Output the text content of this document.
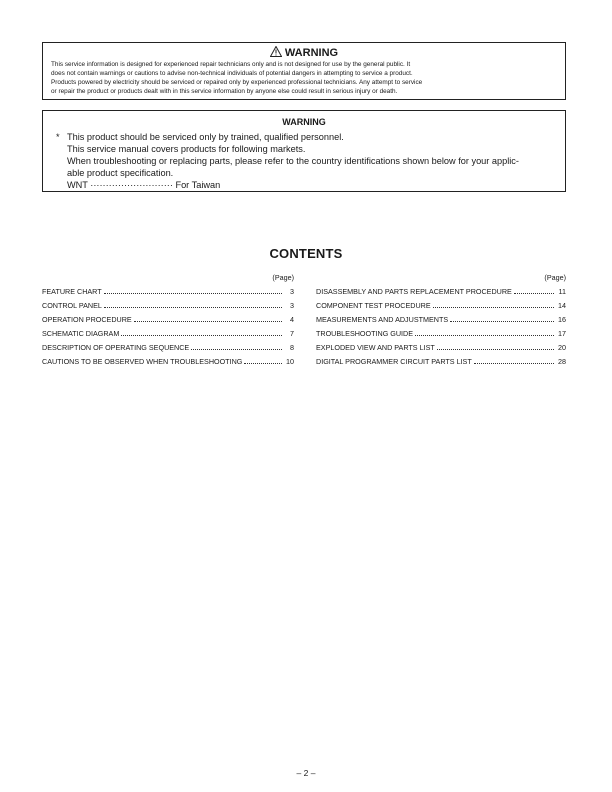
WARNING

This service information is designed for experienced repair technicians only and is not designed for use by the general public. It

does not contain warnings or cautions to advise non-technical individuals of potential dangers in attempting to service a product.

Products powered by electricity should be serviced or repaired only by experienced professional technicians. Any attempt to service

or repair the product or products dealt with in this service information by anyone else could result in serious injury or death.

WARNING
* This product should be serviced only by trained, qualified personnel.
This service manual covers products for following markets.
When troubleshooting or replacing parts, please refer to the country identifications shown below for your applic-
able product specification.
WNT ··························· For Taiwan
CONTENTS
(Page)
FEATURE CHART	3
CONTROL PANEL	3
OPERATION PROCEDURE	4
SCHEMATIC DIAGRAM	7
DESCRIPTION OF OPERATING SEQUENCE	8
CAUTIONS TO BE OBSERVED WHEN TROUBLESHOOTING	10
(Page)
DISASSEMBLY AND PARTS REPLACEMENT PROCEDURE	11
COMPONENT TEST PROCEDURE	14
MEASUREMENTS AND ADJUSTMENTS	16
TROUBLESHOOTING GUIDE	17
EXPLODED VIEW AND PARTS LIST	20
DIGITAL PROGRAMMER CIRCUIT PARTS LIST	28
– 2 –
